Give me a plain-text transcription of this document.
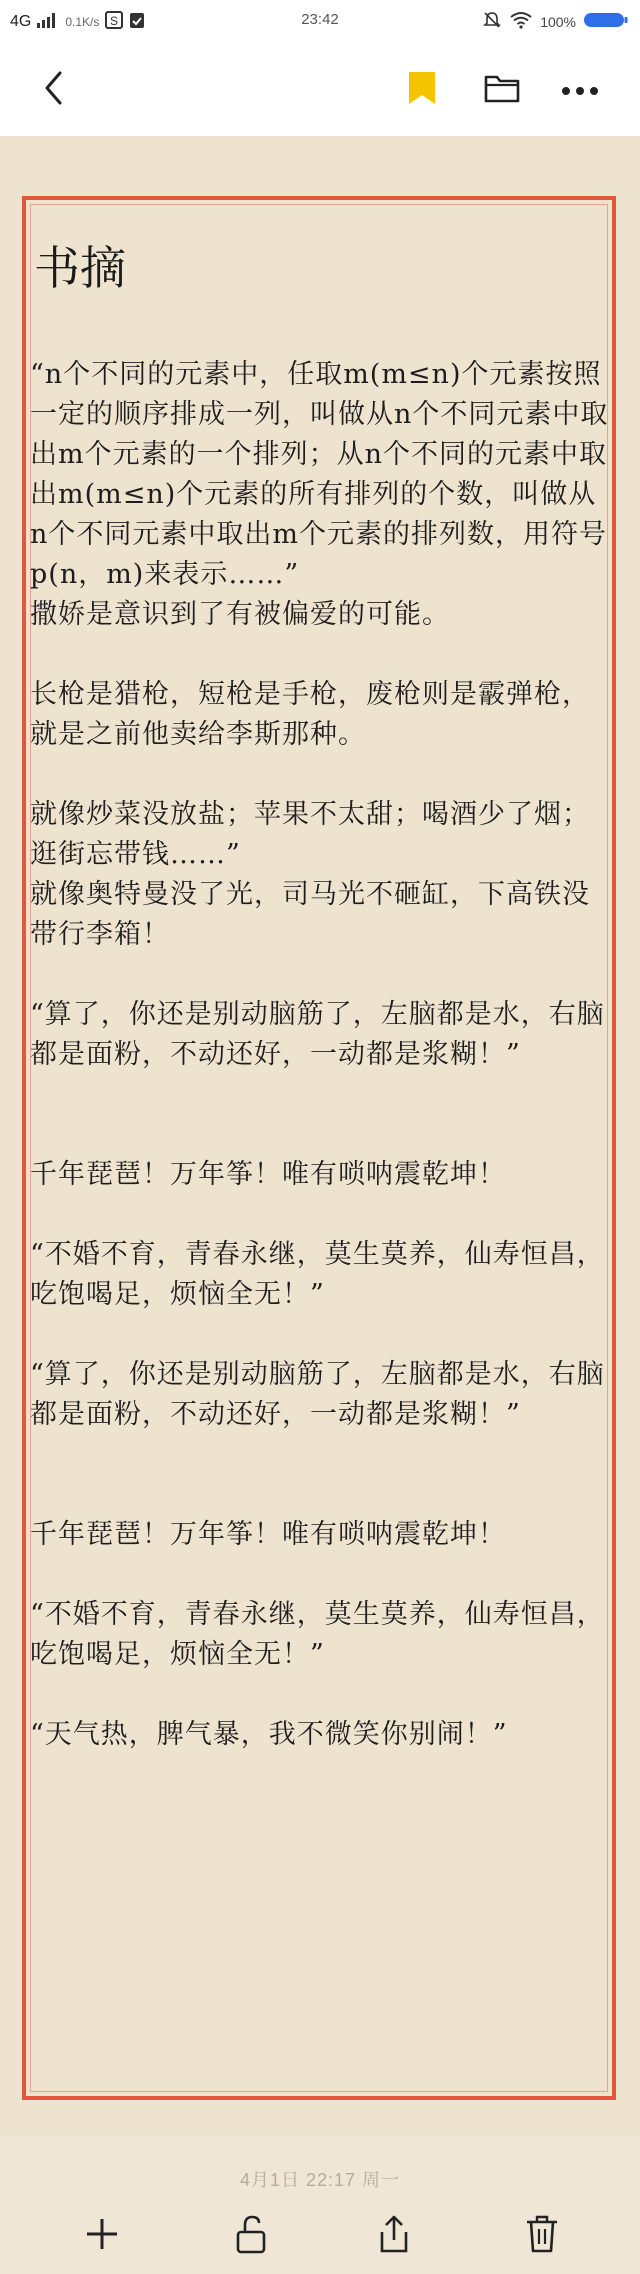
4G	0.1K/s S	23:42	100%
书摘

“n个不同的元素中，任取m(m≤n)个元素按照一定的顺序排成一列，叫做从n个不同元素中取出m个元素的一个排列；从n个不同的元素中取出m(m≤n)个元素的所有排列的个数，叫做从n个不同元素中取出m个元素的排列数，用符号p(n，m)来表示……”

撒娇是意识到了有被偏爱的可能。

长枪是猎枪，短枪是手枪，废枪则是霰弹枪，就是之前他卖给李斯那种。

就像炒菜没放盐；苹果不太甜；喝酒少了烟；逛街忘带钱……”

就像奥特曼没了光，司马光不砸缸，下高铁没带行李箱！

“算了，你还是别动脑筋了，左脑都是水，右脑都是面粉，不动还好，一动都是浆糊！”

千年琵琶！万年筝！唯有唢呐震乾坤！

“不婚不育，青春永继，莫生莫养，仙寿恒昌，吃饱喝足，烦恼全无！”

“算了，你还是别动脑筋了，左脑都是水，右脑都是面粉，不动还好，一动都是浆糊！”

千年琵琶！万年筝！唯有唢呐震乾坤！

“不婚不育，青春永继，莫生莫养，仙寿恒昌，吃饱喝足，烦恼全无！”

“天气热，脾气暴，我不微笑你别闹！”

4月1日 22:17 周一
